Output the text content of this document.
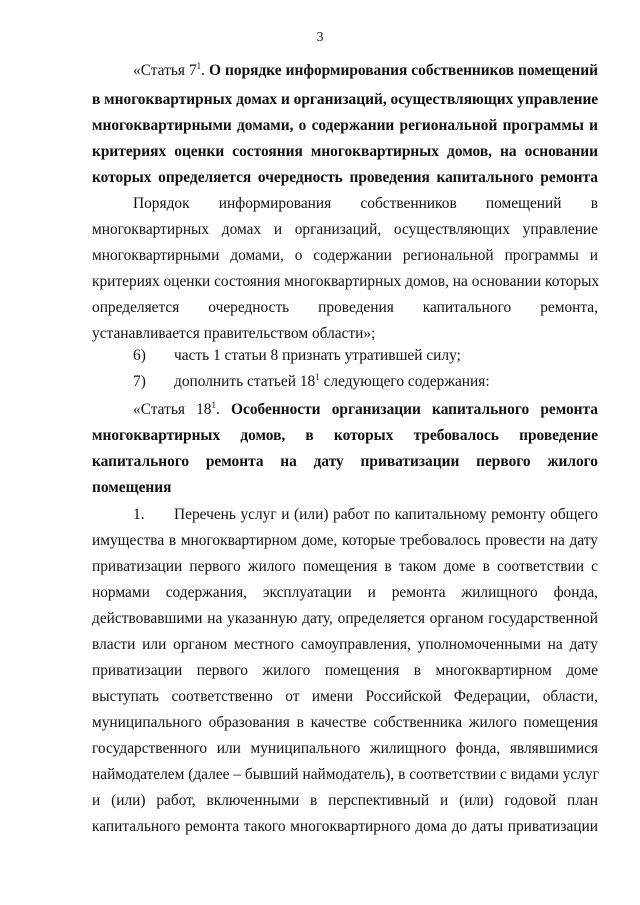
3
«Статья $7^1$. О порядке информирования собственников помещений
в многоквартирных домах и организаций, осуществляющих управление
многоквартирными домами, о содержании региональной программы и
критериях оценки состояния многоквартирных домов, на основании
которых определяется очередность проведения капитального ремонта
Порядок информирования собственников помещений в
многоквартирных домах и организаций, осуществляющих управление
многоквартирными домами, о содержании региональной программы и
критериях оценки состояния многоквартирных домов, на основании которых
определяется очередность проведения капитального ремонта,
устанавливается правительством области»;
6) часть 1 статьи 8 признать утратившей силу;
7) дополнить статьей $18^1$ следующего содержания:
«Статья $18^1$. Особенности организации капитального ремонта
многоквартирных домов, в которых требовалось проведение
капитального ремонта на дату приватизации первого жилого
помещения
1. Перечень услуг и (или) работ по капитальному ремонту общего
имущества в многоквартирном доме, которые требовалось провести на дату
приватизации первого жилого помещения в таком доме в соответствии с
нормами содержания, эксплуатации и ремонта жилищного фонда,
действовавшими на указанную дату, определяется органом государственной
власти или органом местного самоуправления, уполномоченными на дату
приватизации первого жилого помещения в многоквартирном доме
выступать соответственно от имени Российской Федерации, области,
муниципального образования в качестве собственника жилого помещения
государственного или муниципального жилищного фонда, являвшимися
наймодателем (далее – бывший наймодатель), в соответствии с видами услуг
и (или) работ, включенными в перспективный и (или) годовой план
капитального ремонта такого многоквартирного дома до даты приватизации
